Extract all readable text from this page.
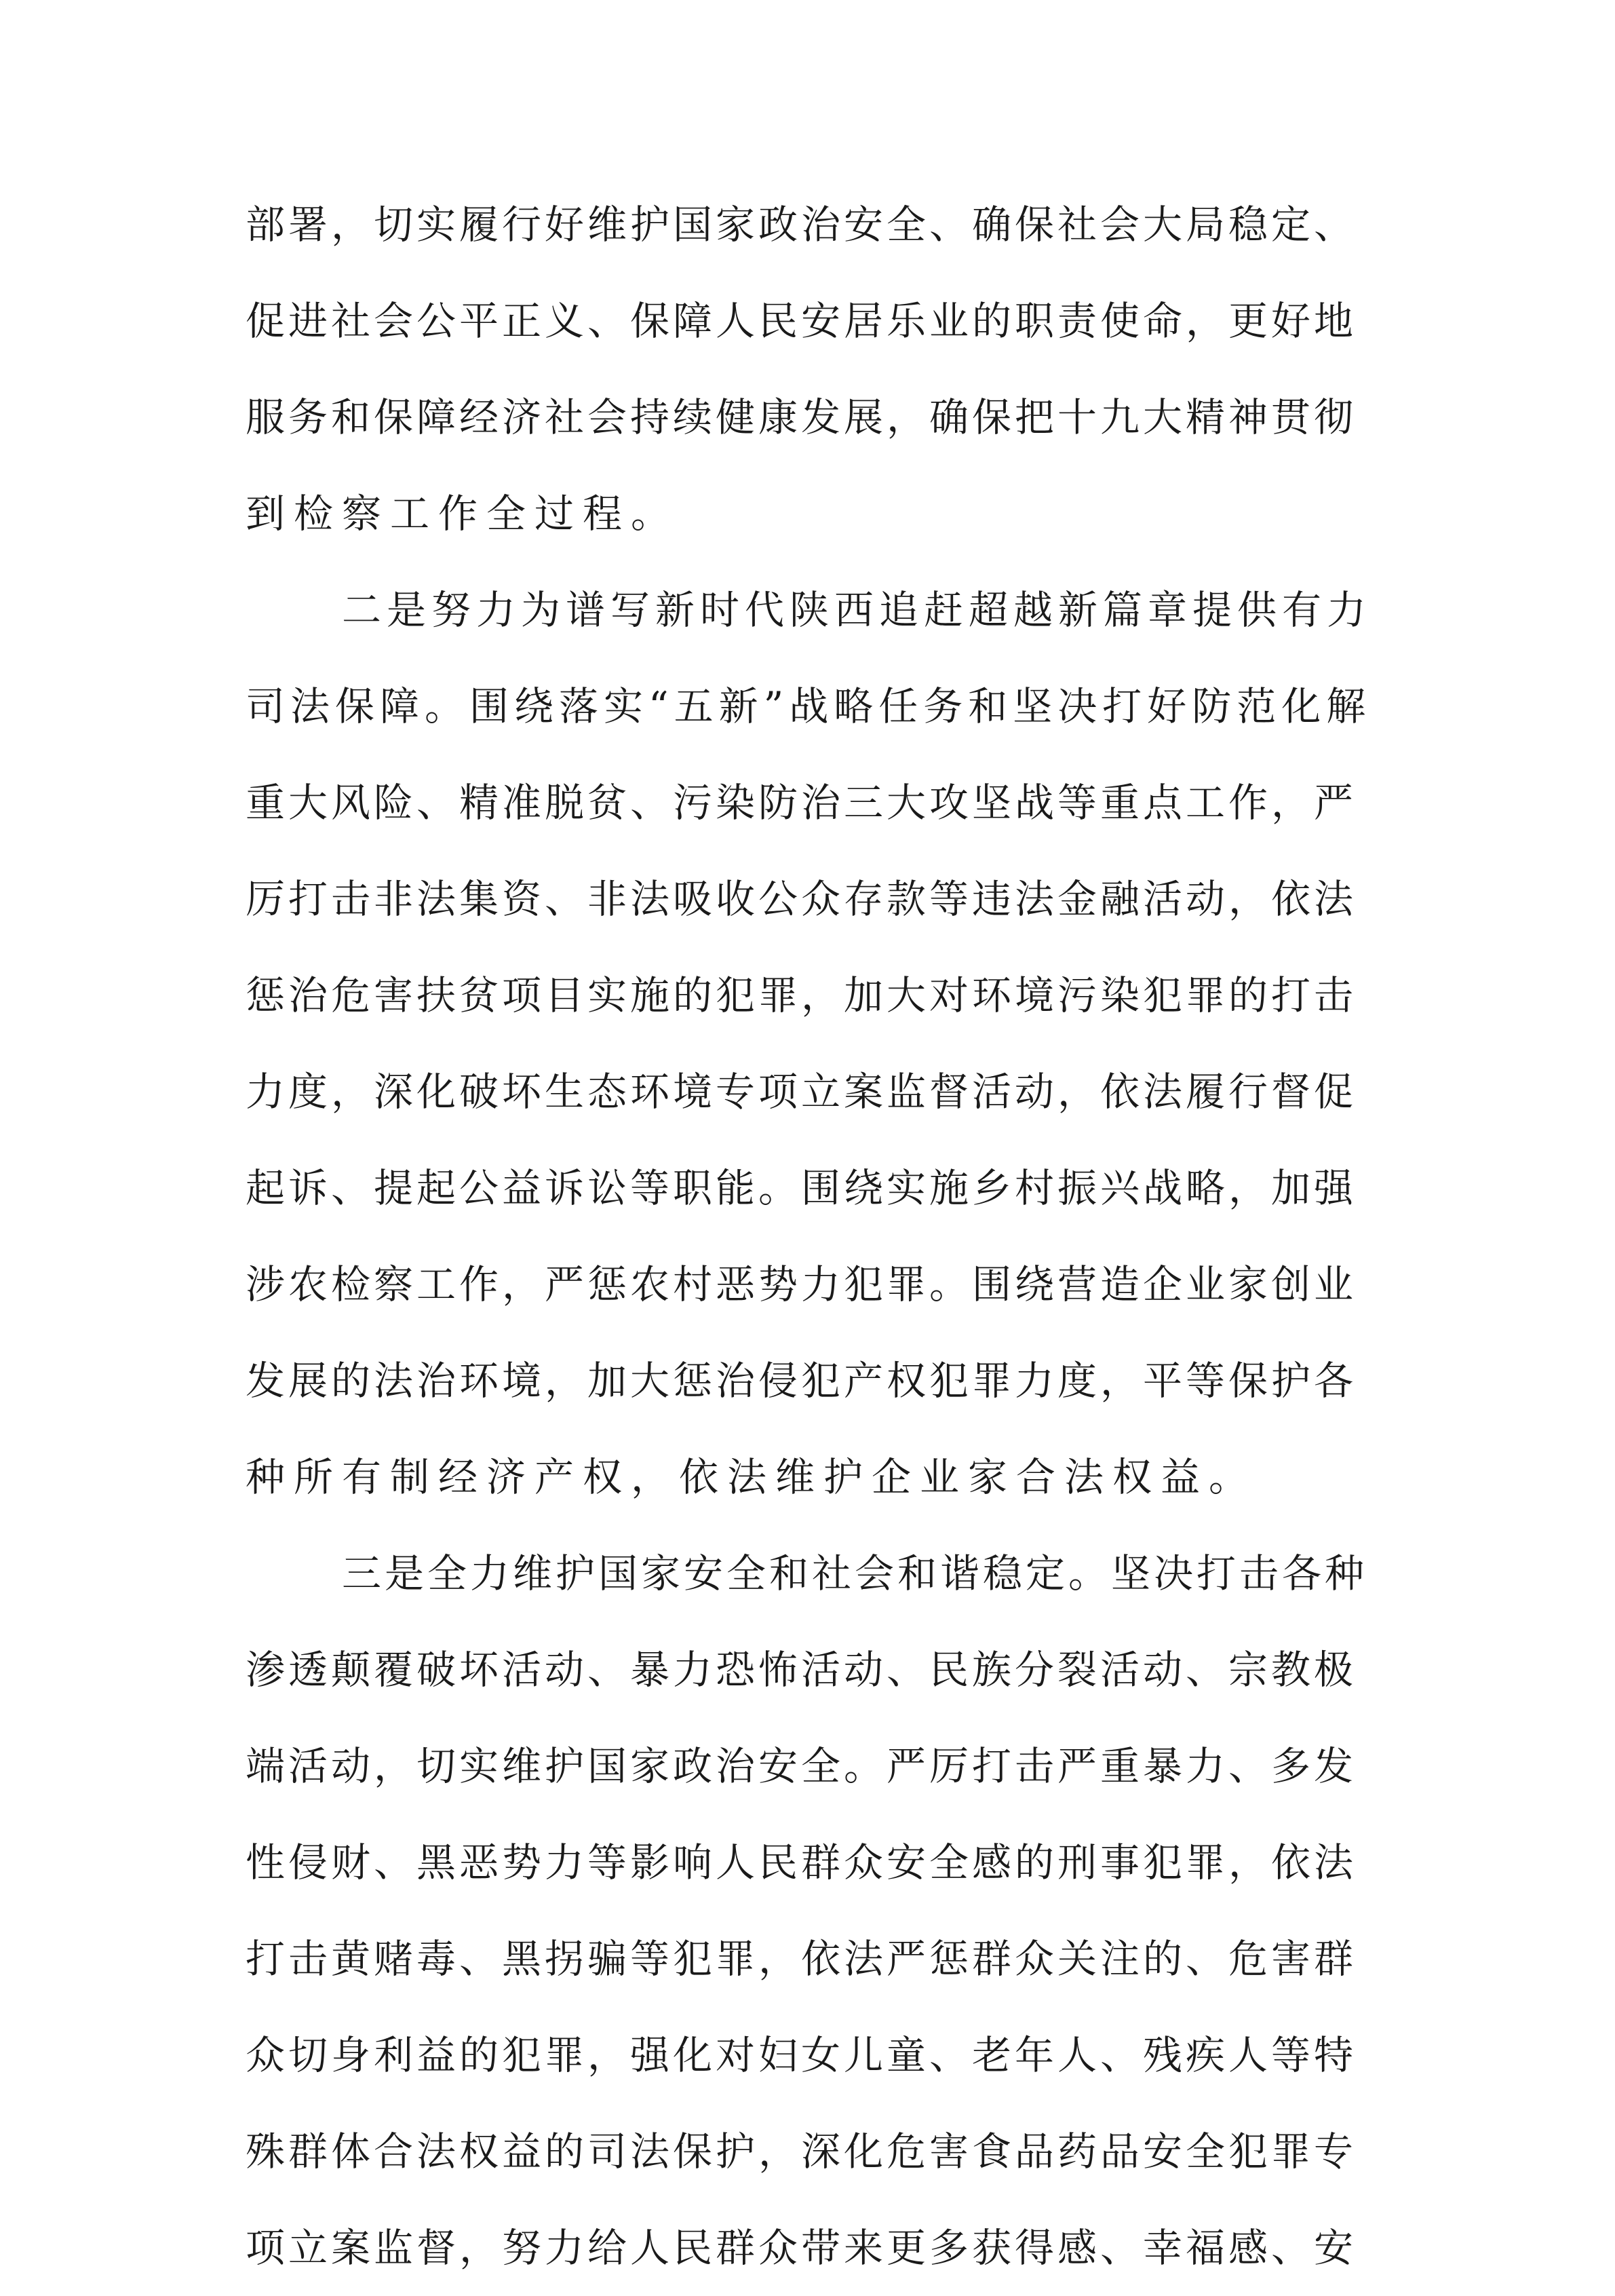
部署，切实履行好维护国家政治安全、确保社会大局稳定、
促进社会公平正义、保障人民安居乐业的职责使命，更好地
服务和保障经济社会持续健康发展，确保把十九大精神贯彻
到检察工作全过程。
二是努力为谱写新时代陕西追赶超越新篇章提供有力
司法保障。围绕落实“五新”战略任务和坚决打好防范化解
重大风险、精准脱贫、污染防治三大攻坚战等重点工作，严
厉打击非法集资、非法吸收公众存款等违法金融活动，依法
惩治危害扶贫项目实施的犯罪，加大对环境污染犯罪的打击
力度，深化破坏生态环境专项立案监督活动，依法履行督促
起诉、提起公益诉讼等职能。围绕实施乡村振兴战略，加强
涉农检察工作，严惩农村恶势力犯罪。围绕营造企业家创业
发展的法治环境，加大惩治侵犯产权犯罪力度，平等保护各
种所有制经济产权，依法维护企业家合法权益。
三是全力维护国家安全和社会和谐稳定。坚决打击各种
渗透颠覆破坏活动、暴力恐怖活动、民族分裂活动、宗教极
端活动，切实维护国家政治安全。严厉打击严重暴力、多发
性侵财、黑恶势力等影响人民群众安全感的刑事犯罪，依法
打击黄赌毒、黑拐骗等犯罪，依法严惩群众关注的、危害群
众切身利益的犯罪，强化对妇女儿童、老年人、残疾人等特
殊群体合法权益的司法保护，深化危害食品药品安全犯罪专
项立案监督，努力给人民群众带来更多获得感、幸福感、安
